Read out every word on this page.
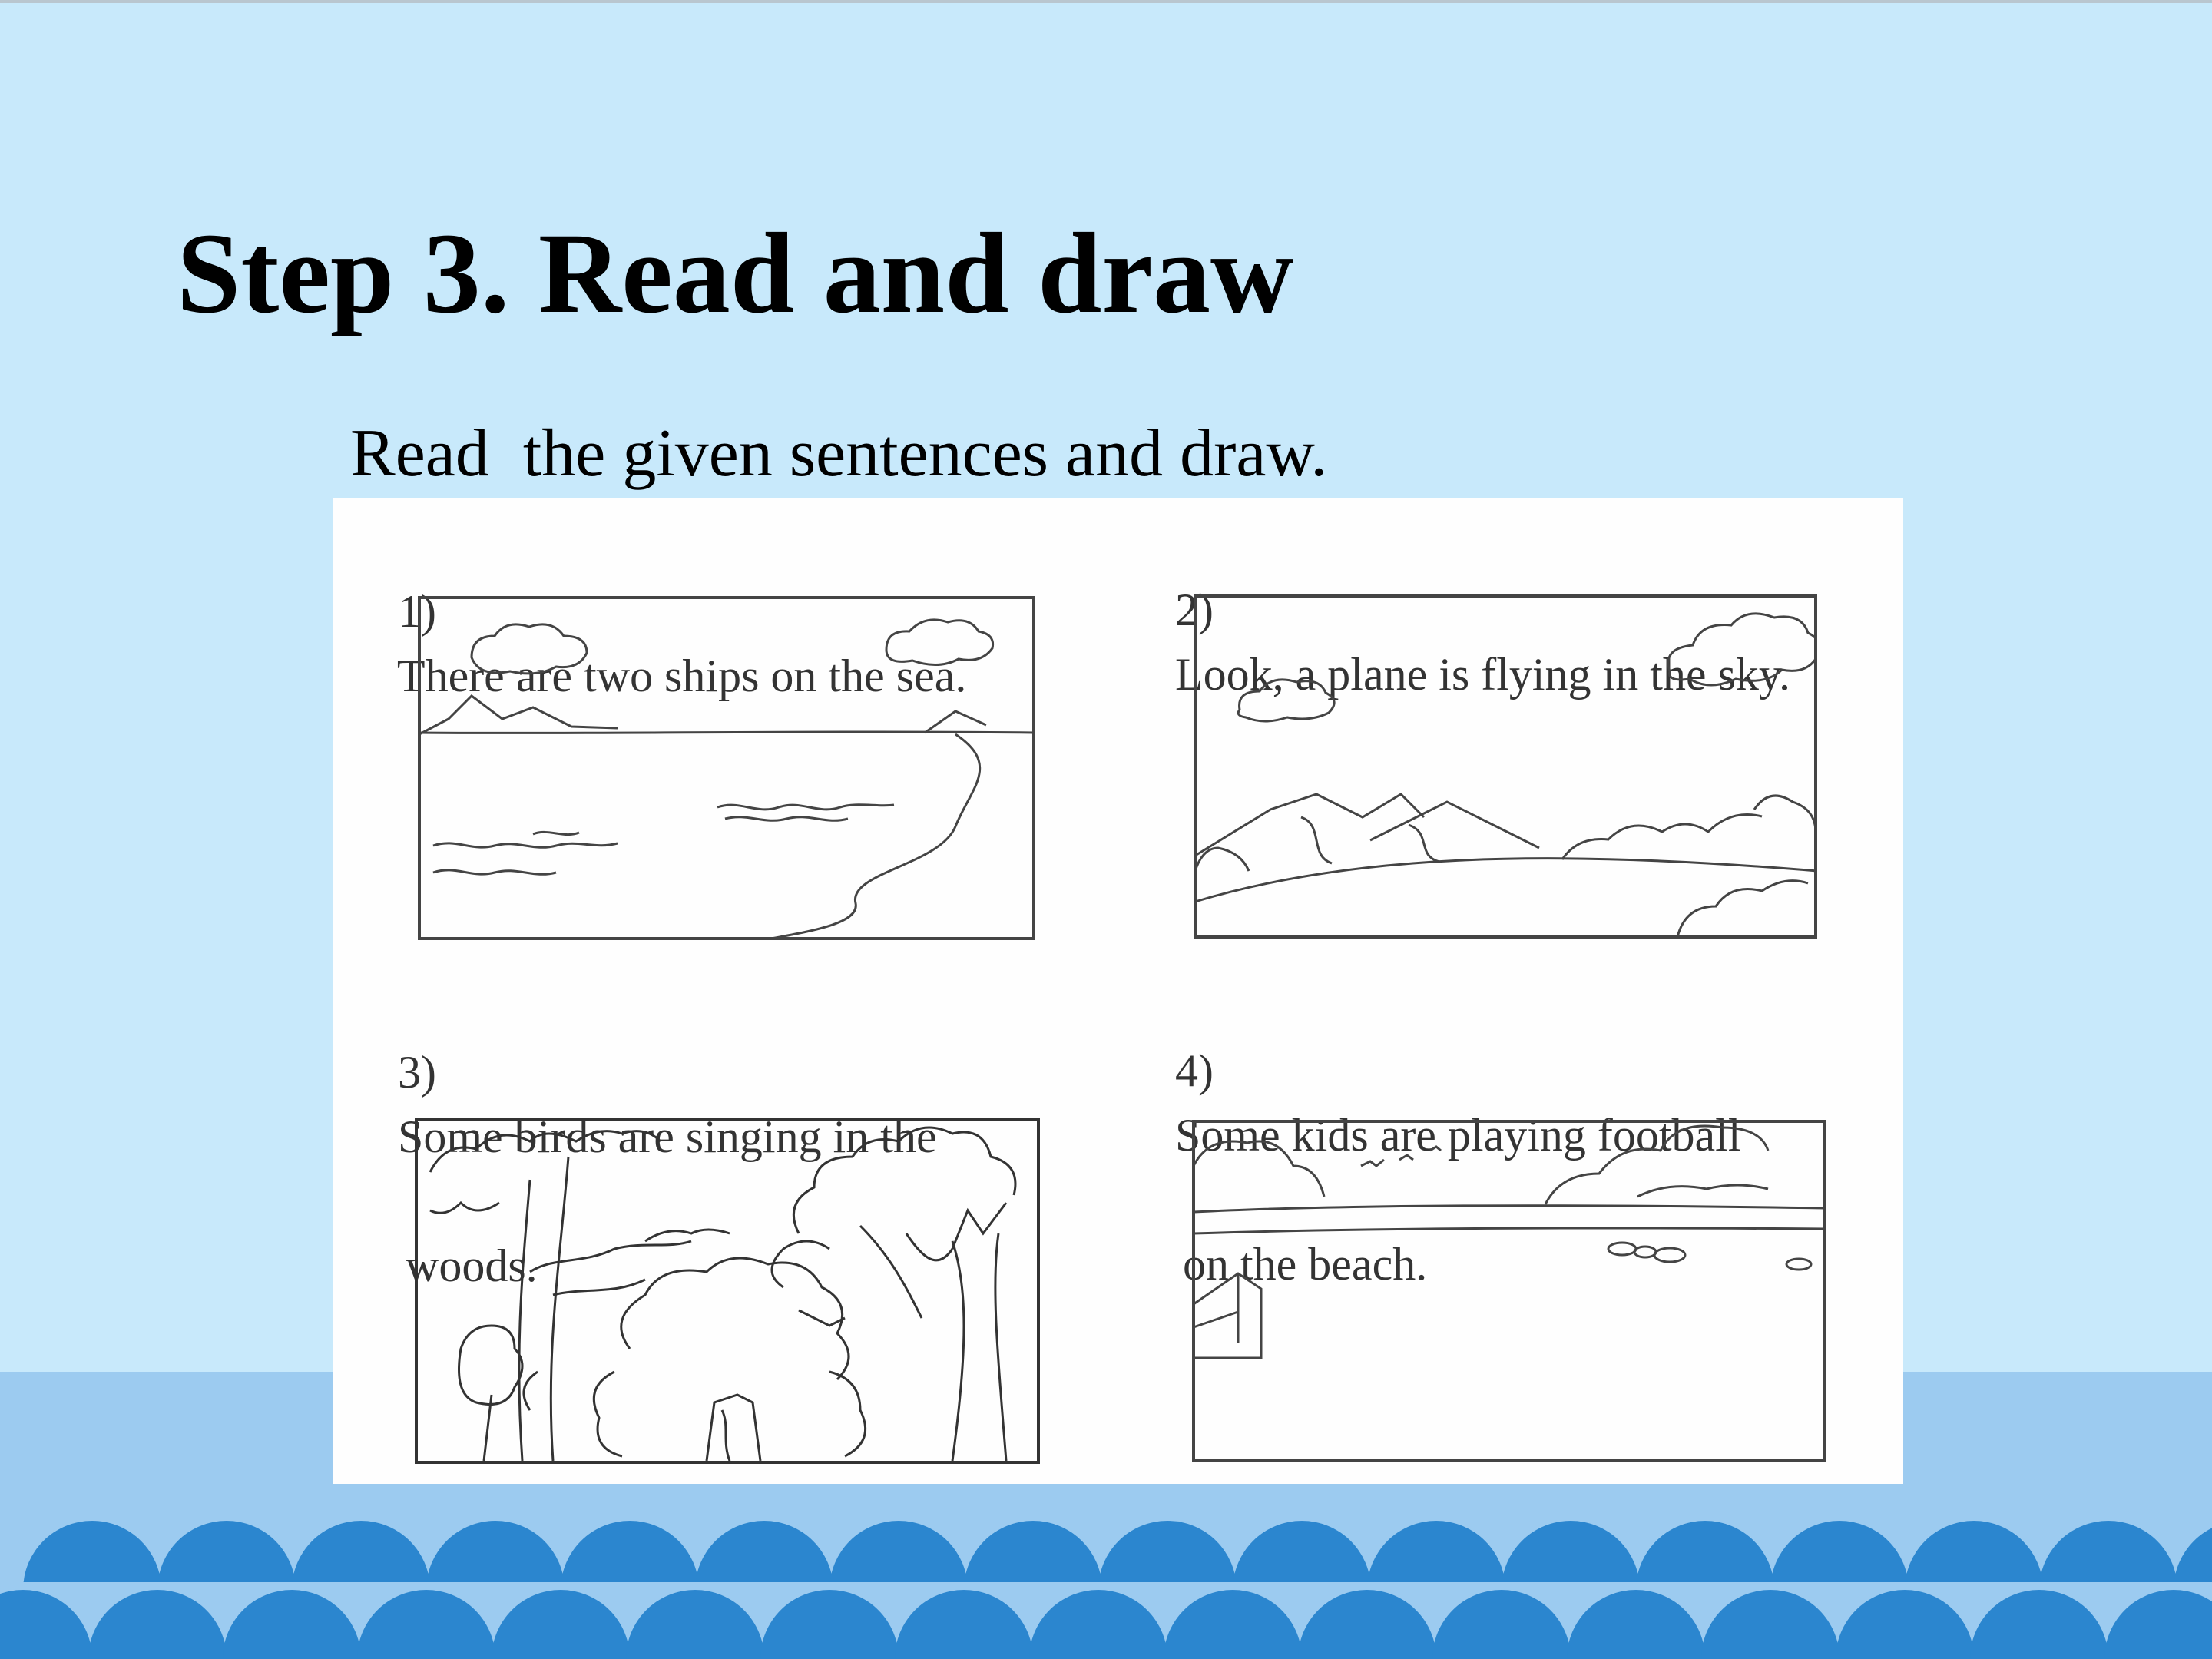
Step 3. Read and draw
Read  the given sentences and draw.

1)
There are two ships on the sea.

2)
Look, a plane is flying in the sky.

3)
Some birds are singing in the

woods.

4)
Some kids are playing football

on the beach.
